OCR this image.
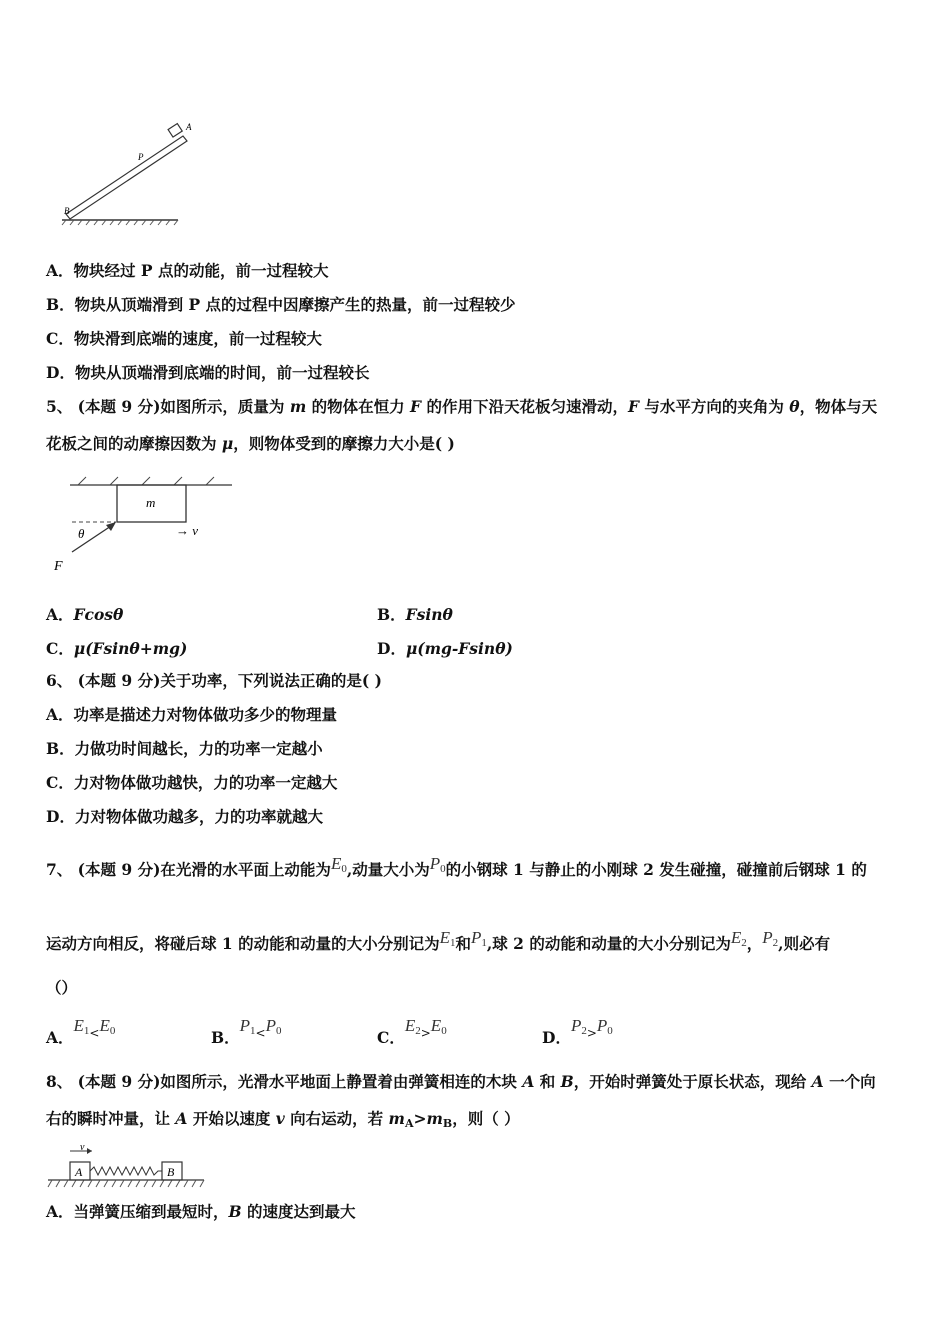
A
P
B
A．物块经过 P 点的动能，前一过程较大
B．物块从顶端滑到 P 点的过程中因摩擦产生的热量，前一过程较少
C．物块滑到底端的速度，前一过程较大
D．物块从顶端滑到底端的时间，前一过程较长
5、 (本题 9 分)如图所示，质量为 m 的物体在恒力 F 的作用下沿天花板匀速滑动，F 与水平方向的夹角为 θ，物体与天
花板之间的动摩擦因数为 μ，则物体受到的摩擦力大小是( )
m
θ	→ v
F
A．Fcosθ	B．Fsinθ
C．μ(Fsinθ+mg)	D．μ(mg-Fsinθ)
6、 (本题 9 分)关于功率，下列说法正确的是( )
A．功率是描述力对物体做功多少的物理量
B．力做功时间越长，力的功率一定越小
C．力对物体做功越快，力的功率一定越大
D．力对物体做功越多，力的功率就越大
7、 (本题 9 分)在光滑的水平面上动能为$E_0$,动量大小为$P_0$的小钢球 1 与静止的小刚球 2 发生碰撞，碰撞前后钢球 1 的
运动方向相反，将碰后球 1 的动能和动量的大小分别记为$E_1$和$P_1$,球 2 的动能和动量的大小分别记为$E_2$，$P_2$,则必有
（）
A．$E_{1<}E_0$	B．$P_{1<}P_0$	C．$E_{2>}E_0$	D．$P_{2>}P_0$
8、 (本题 9 分)如图所示，光滑水平地面上静置着由弹簧相连的木块 A 和 B，开始时弹簧处于原长状态，现给 A 一个向
右的瞬时冲量，让 A 开始以速度 v 向右运动，若 $m_A>m_B$，则（ ）
v
A	B
A．当弹簧压缩到最短时，B 的速度达到最大
